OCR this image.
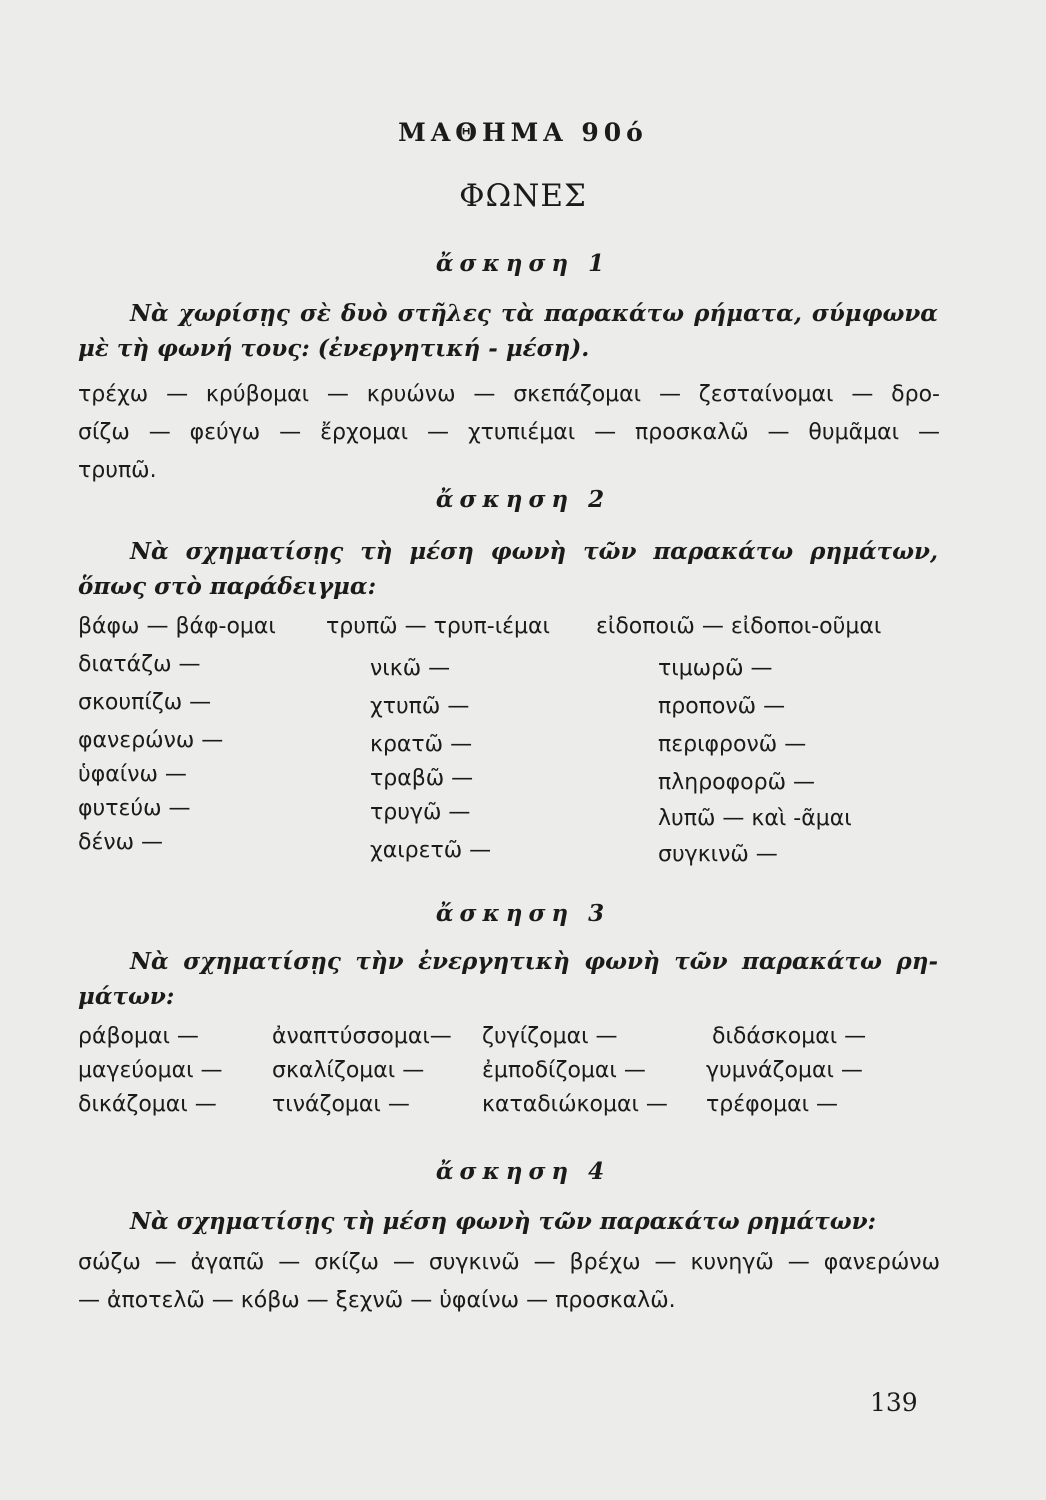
ΜΑΘΗΜΑ 90ό
ΦΩΝΕΣ
ἄσκηση 1
Νὰ χωρίσῃς σὲ δυὸ στῆλες τὰ παρακάτω ρήματα, σύμφωνα
μὲ τὴ φωνή τους: (ἐνεργητική - μέση).
τρέχω — κρύβομαι — κρυώνω — σκεπάζομαι — ζεσταίνομαι — δρο-
σίζω — φεύγω — ἔρχομαι — χτυπιέμαι — προσκαλῶ — θυμᾶμαι —
τρυπῶ.
ἄσκηση 2
Νὰ σχηματίσῃς τὴ μέση φωνὴ τῶν παρακάτω ρημάτων,
ὅπως στὸ παράδειγμα:
βάφω — βάφ-ομαι τρυπῶ — τρυπ-ιέμαι εἰδοποιῶ — εἰδοποι-οῦμαι
διατάζω —	νικῶ —	τιμωρῶ —
σκουπίζω —	χτυπῶ —	προπονῶ —
φανερώνω —	κρατῶ —	περιφρονῶ —
ὑφαίνω —	τραβῶ —	πληροφορῶ —
φυτεύω —	τρυγῶ —	λυπῶ — καὶ -ᾶμαι
δένω —	χαιρετῶ —	συγκινῶ —
ἄσκηση 3
Νὰ σχηματίσῃς τὴν ἐνεργητικὴ φωνὴ τῶν παρακάτω ρη-
μάτων:
ράβομαι —	ἀναπτύσσομαι— ζυγίζομαι —	διδάσκομαι —
μαγεύομαι — σκαλίζομαι —	ἐμποδίζομαι —	γυμνάζομαι —
δικάζομαι —	τινάζομαι —	καταδιώκομαι — τρέφομαι —
ἄσκηση 4
Νὰ σχηματίσῃς τὴ μέση φωνὴ τῶν παρακάτω ρημάτων:
σώζω — ἀγαπῶ — σκίζω — συγκινῶ — βρέχω — κυνηγῶ — φανερώνω
— ἀποτελῶ — κόβω — ξεχνῶ — ὑφαίνω — προσκαλῶ.
139
